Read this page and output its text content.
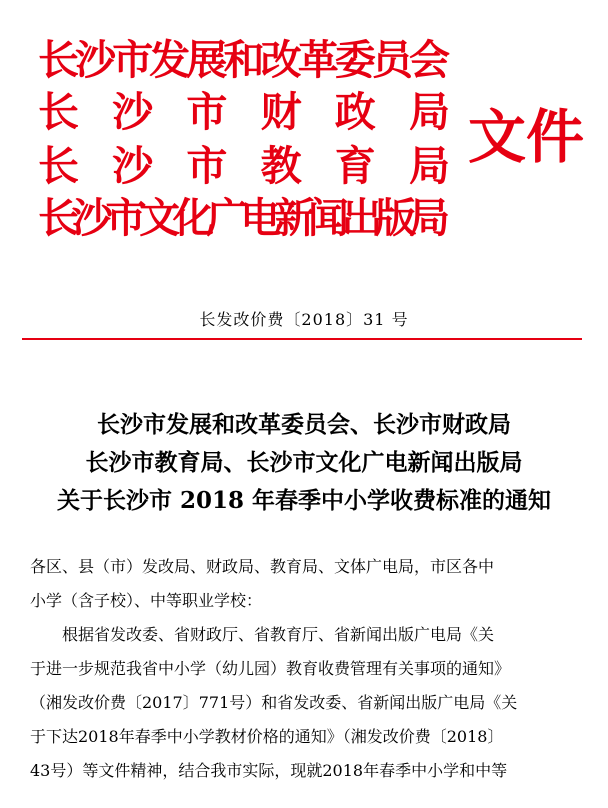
长沙市发展和改革委员会
长 沙 市 财 政 局
长 沙 市 教 育 局
长沙市文化广电新闻出版局
文件
长发改价费〔2018〕31 号
长沙市发展和改革委员会、长沙市财政局
长沙市教育局、长沙市文化广电新闻出版局
关于长沙市 2018 年春季中小学收费标准的通知
各区、县（市）发改局、财政局、教育局、文体广电局，市区各中
小学（含子校）、中等职业学校：
　　根据省发改委、省财政厅、省教育厅、省新闻出版广电局《关
于进一步规范我省中小学（幼儿园）教育收费管理有关事项的通知》
（湘发改价费〔2017〕771号）和省发改委、省新闻出版广电局《关
于下达2018年春季中小学教材价格的通知》（湘发改价费〔2018〕
43号）等文件精神，结合我市实际，现就2018年春季中小学和中等
